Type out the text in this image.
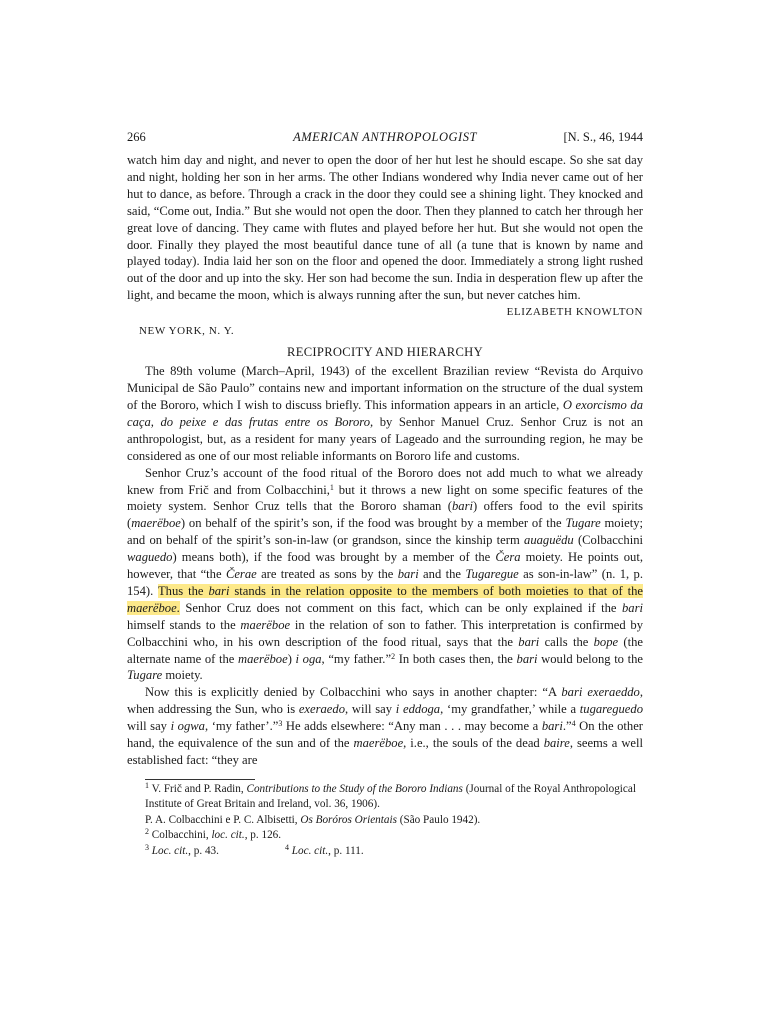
266	AMERICAN ANTHROPOLOGIST	[N. S., 46, 1944

watch him day and night, and never to open the door of her hut lest he should escape. So she sat day and night, holding her son in her arms. The other Indians wondered why India never came out of her hut to dance, as before. Through a crack in the door they could see a shining light. They knocked and said, “Come out, India.” But she would not open the door. Then they planned to catch her through her great love of dancing. They came with flutes and played before her hut. But she would not open the door. Finally they played the most beautiful dance tune of all (a tune that is known by name and played today). India laid her son on the floor and opened the door. Immediately a strong light rushed out of the door and up into the sky. Her son had become the sun. India in desperation flew up after the light, and became the moon, which is always running after the sun, but never catches him.

ELIZABETH KNOWLTON
NEW YORK, N. Y.
RECIPROCITY AND HIERARCHY

The 89th volume (March–April, 1943) of the excellent Brazilian review “Revista do Arquivo Municipal de São Paulo” contains new and important information on the structure of the dual system of the Bororo, which I wish to discuss briefly. This information appears in an article, O exorcismo da caça, do peixe e das frutas entre os Bororo, by Senhor Manuel Cruz. Senhor Cruz is not an anthropologist, but, as a resident for many years of Lageado and the surrounding region, he may be considered as one of our most reliable informants on Bororo life and customs.

Senhor Cruz’s account of the food ritual of the Bororo does not add much to what we already knew from Frič and from Colbacchini,$^1$ but it throws a new light on some specific features of the moiety system. Senhor Cruz tells that the Bororo shaman (bari) offers food to the evil spirits (maerëboe) on behalf of the spirit’s son, if the food was brought by a member of the Tugare moiety; and on behalf of the spirit’s son-in-law (or grandson, since the kinship term auaguëdu (Colbacchini waguedo) means both), if the food was brought by a member of the Čera moiety. He points out, however, that “the Čerae are treated as sons by the bari and the Tugaregue as son-in-law” (n. 1, p. 154). Thus the bari stands in the relation opposite to the members of both moieties to that of the maerëboe. Senhor Cruz does not comment on this fact, which can be only explained if the bari himself stands to the maerëboe in the relation of son to father. This interpretation is confirmed by Colbacchini who, in his own description of the food ritual, says that the bari calls the bope (the alternate name of the maerëboe) i oga, “my father.”$^2$ In both cases then, the bari would belong to the Tugare moiety.

Now this is explicitly denied by Colbacchini who says in another chapter: “A bari exeraeddo, when addressing the Sun, who is exeraedo, will say i eddoga, ‘my grandfather,’ while a tugareguedo will say i ogwa, ‘my father’.”$^3$ He adds elsewhere: “Any man . . . may become a bari.”$^4$ On the other hand, the equivalence of the sun and of the maerëboe, i.e., the souls of the dead baire, seems a well established fact: “they are

$^1$ V. Frič and P. Radin, Contributions to the Study of the Bororo Indians (Journal of the Royal Anthropological Institute of Great Britain and Ireland, vol. 36, 1906).

P. A. Colbacchini e P. C. Albisetti, Os Boróros Orientais (São Paulo 1942).

$^2$ Colbacchini, loc. cit., p. 126.

$^3$ Loc. cit., p. 43.	$^4$ Loc. cit., p. 111.
